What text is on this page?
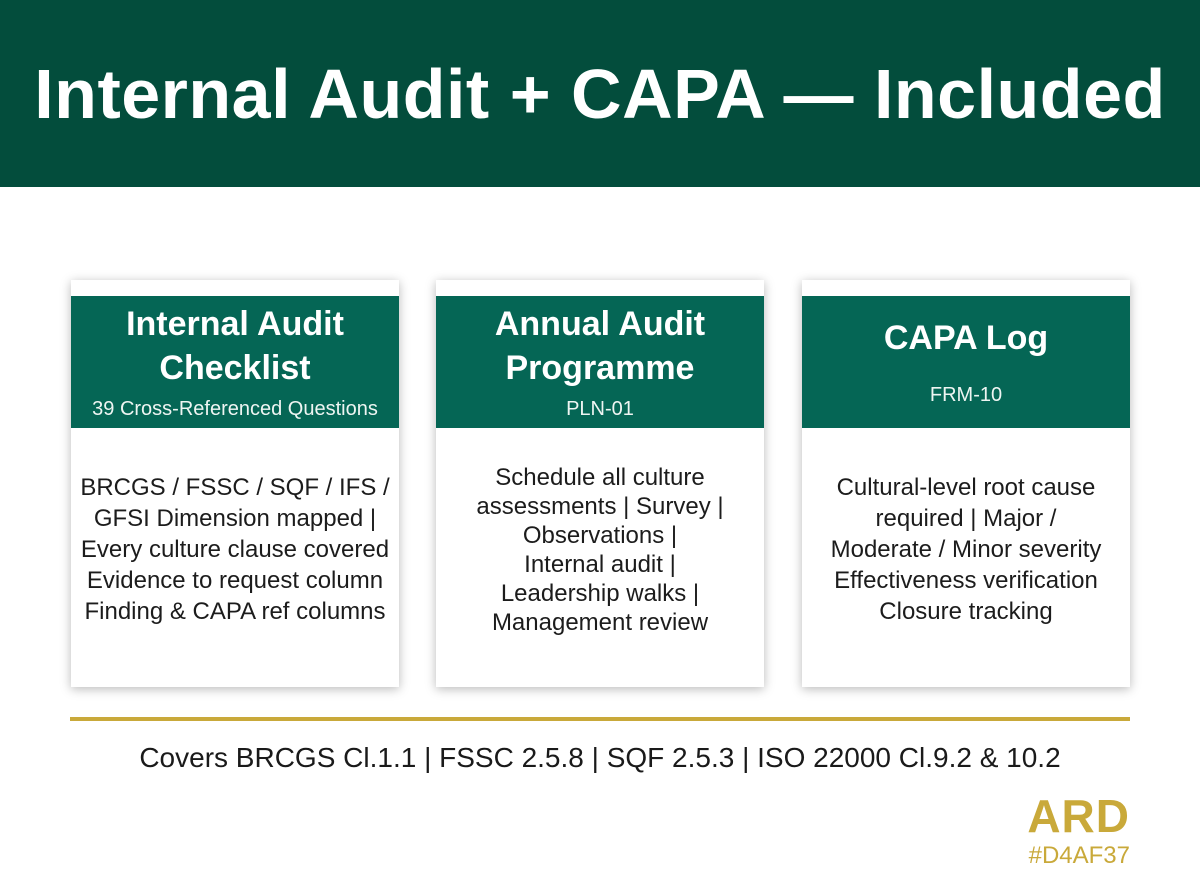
Internal Audit + CAPA — Included
Internal Audit
Checklist
39 Cross-Referenced Questions
BRCGS / FSSC / SQF / IFS /
GFSI Dimension mapped |
Every culture clause covered
Evidence to request column
Finding & CAPA ref columns
Annual Audit
Programme
PLN-01
Schedule all culture
assessments | Survey |
Observations |
Internal audit |
Leadership walks |
Management review
CAPA Log
FRM-10
Cultural-level root cause
required | Major /
Moderate / Minor severity
Effectiveness verification
Closure tracking
Covers BRCGS Cl.1.1 | FSSC 2.5.8 | SQF 2.5.3 | ISO 22000 Cl.9.2 & 10.2
ARD
#D4AF37
